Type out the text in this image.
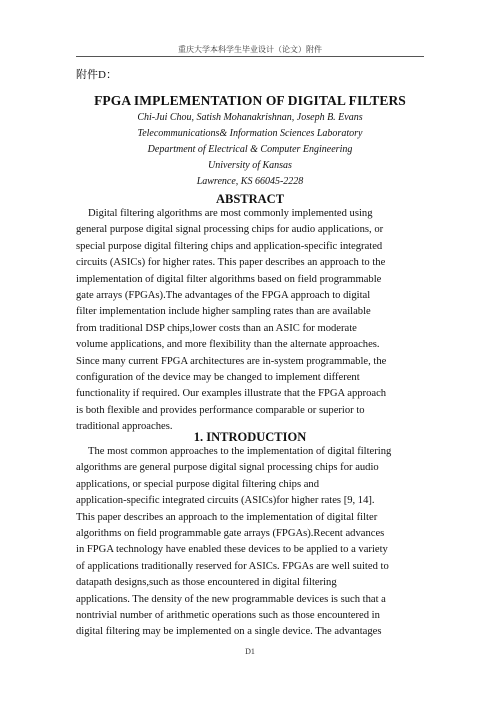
重庆大学本科学生毕业设计（论文）附件
附件D：
FPGA IMPLEMENTATION OF DIGITAL FILTERS
Chi-Jui Chou, Satish Mohanakrishnan, Joseph B. Evans
Telecommunications& Information Sciences Laboratory
Department of Electrical & Computer Engineering
University of Kansas
Lawrence, KS 66045-2228
ABSTRACT
Digital filtering algorithms are most commonly implemented using
general purpose digital signal processing chips for audio applications, or
special purpose digital filtering chips and application-specific integrated
circuits (ASICs) for higher rates. This paper describes an approach to the
implementation of digital filter algorithms based on field programmable
gate arrays (FPGAs).The advantages of the FPGA approach to digital
filter implementation include higher sampling rates than are available
from traditional DSP chips,lower costs than an ASIC for moderate
volume applications, and more flexibility than the alternate approaches.
Since many current FPGA architectures are in-system programmable, the
configuration of the device may be changed to implement different
functionality if required. Our examples illustrate that the FPGA approach
is both flexible and provides performance comparable or superior to
traditional approaches.
1. INTRODUCTION
The most common approaches to the implementation of digital filtering
algorithms are general purpose digital signal processing chips for audio
applications, or special purpose digital filtering chips and
application-specific integrated circuits (ASICs)for higher rates [9, 14].
This paper describes an approach to the implementation of digital filter
algorithms on field programmable gate arrays (FPGAs).Recent advances
in FPGA technology have enabled these devices to be applied to a variety
of applications traditionally reserved for ASICs. FPGAs are well suited to
datapath designs,such as those encountered in digital filtering
applications. The density of the new programmable devices is such that a
nontrivial number of arithmetic operations such as those encountered in
digital filtering may be implemented on a single device. The advantages
D1
